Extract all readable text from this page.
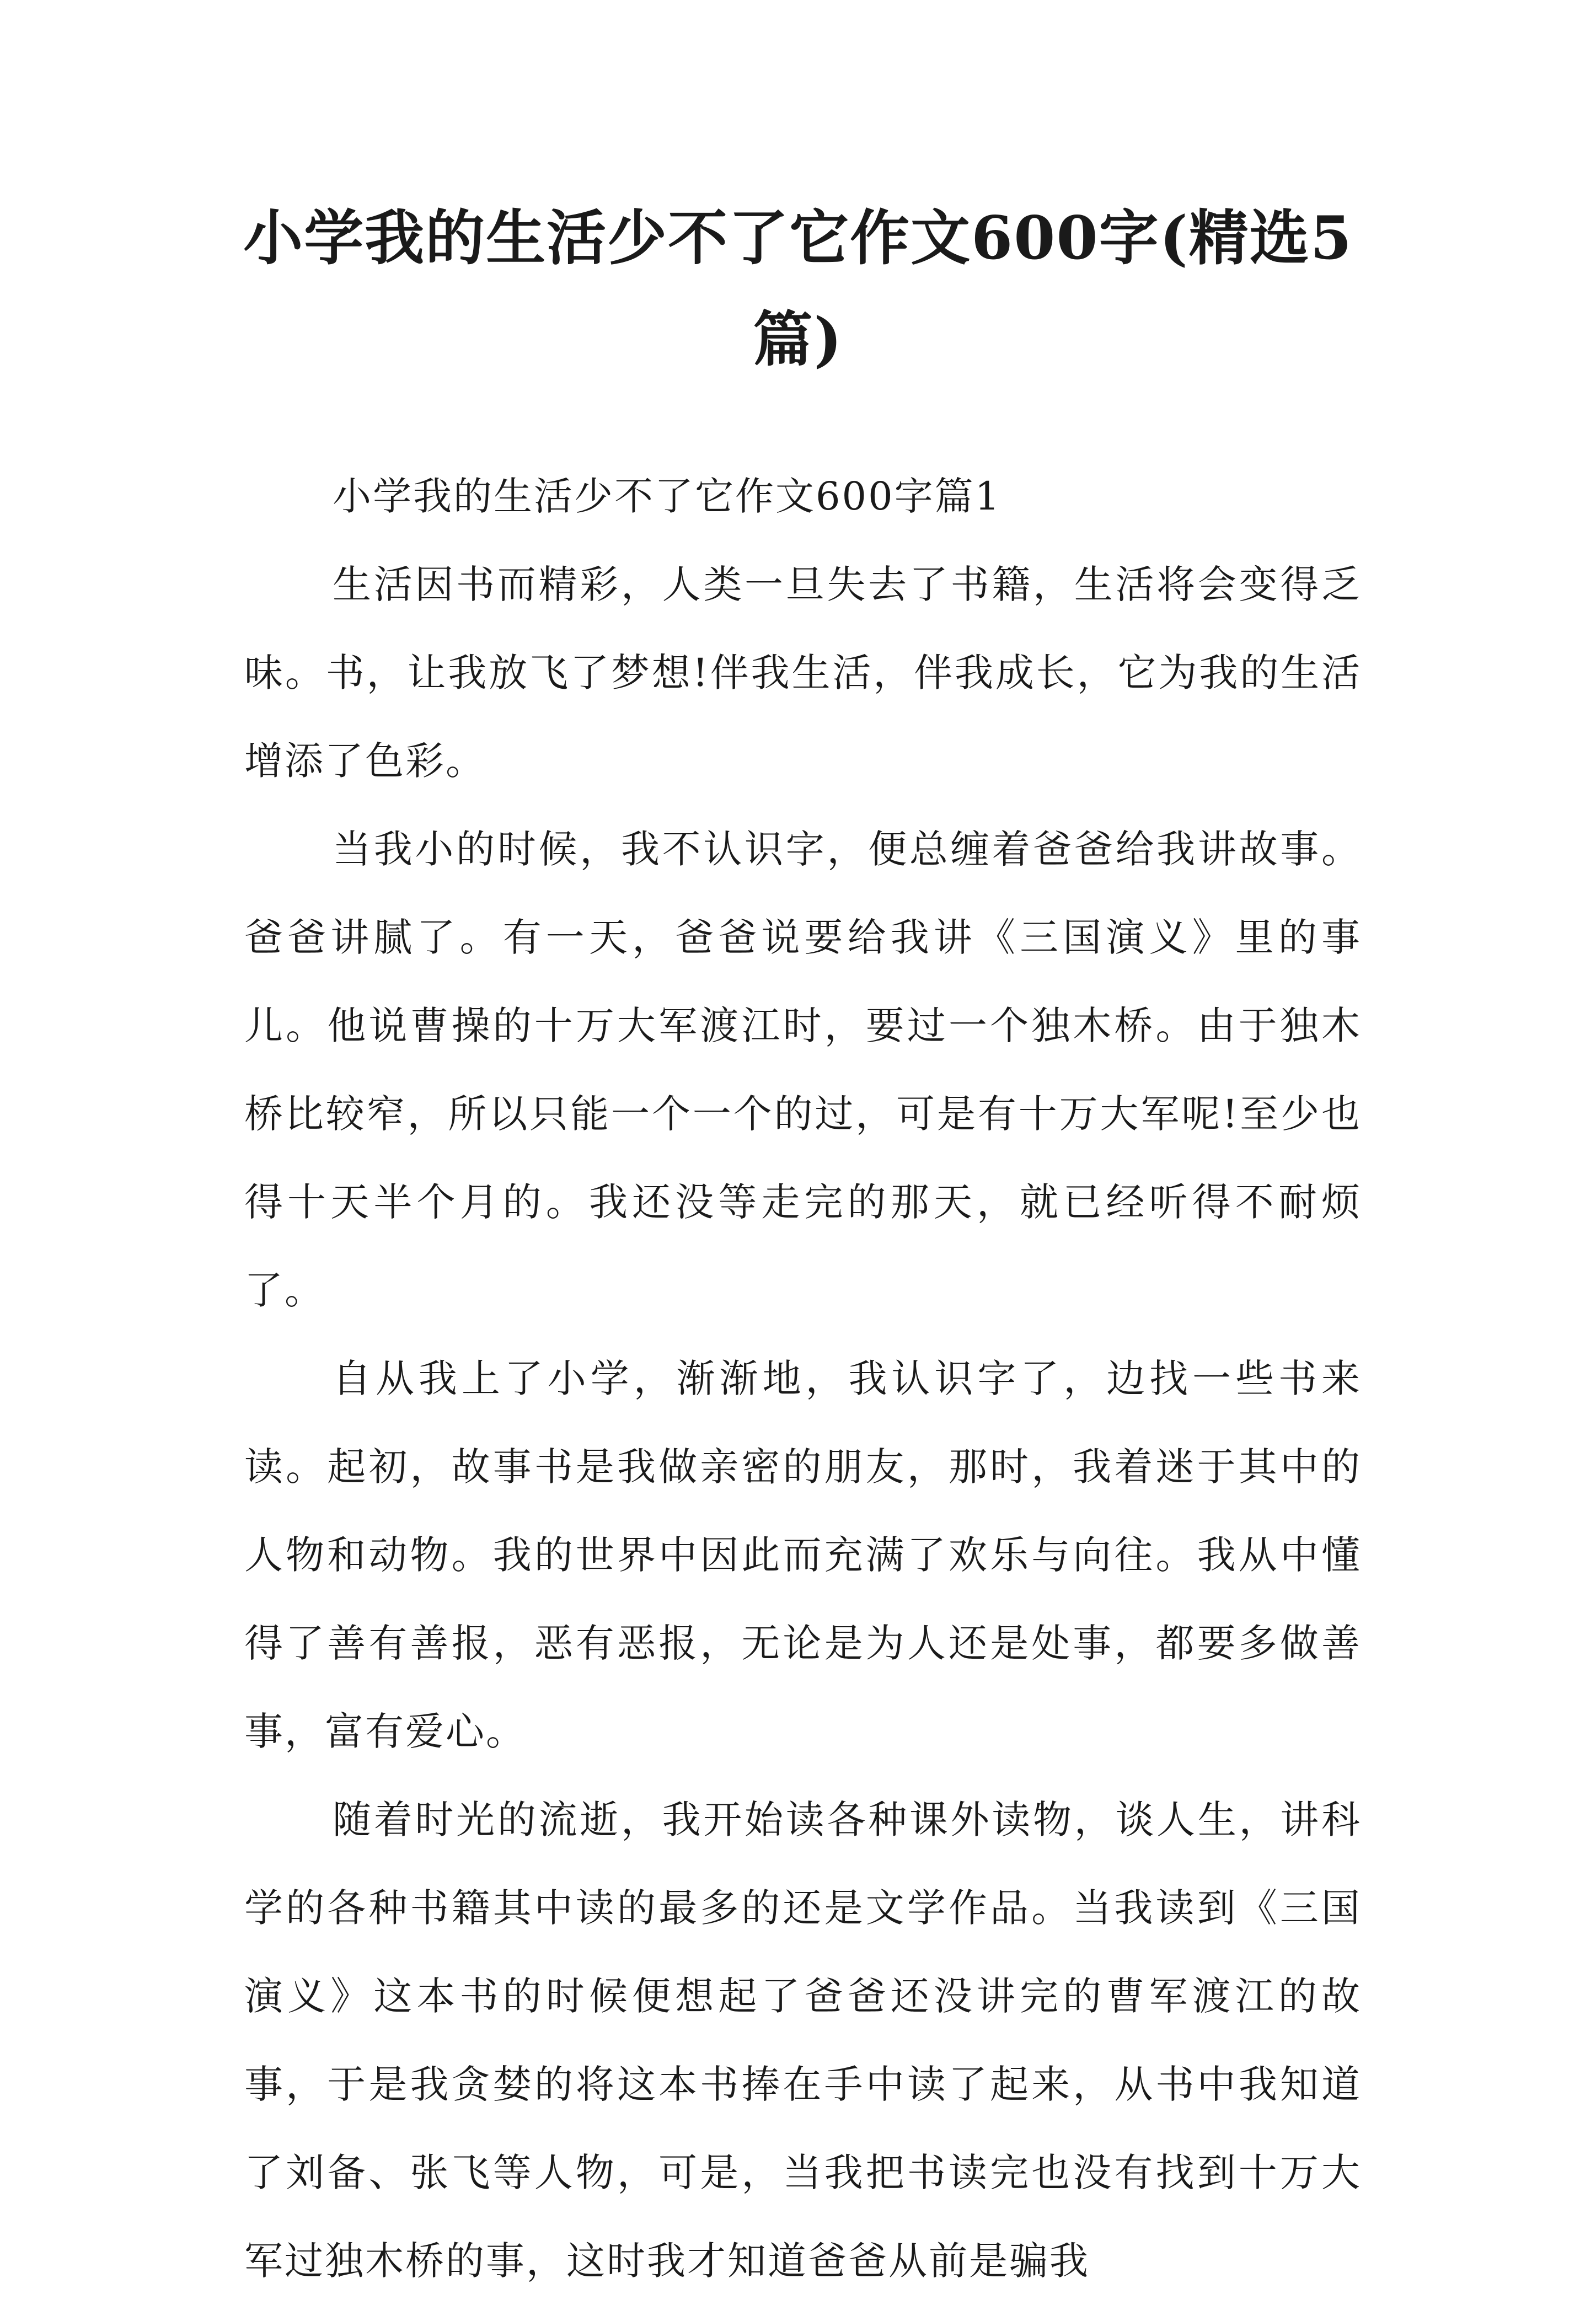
小学我的生活少不了它作文600字(精选5篇)

小学我的生活少不了它作文600字篇1

生活因书而精彩，人类一旦失去了书籍，生活将会变得乏味。书，让我放飞了梦想!伴我生活，伴我成长，它为我的生活增添了色彩。

当我小的时候，我不认识字，便总缠着爸爸给我讲故事。爸爸讲腻了。有一天，爸爸说要给我讲《三国演义》里的事儿。他说曹操的十万大军渡江时，要过一个独木桥。由于独木桥比较窄，所以只能一个一个的过，可是有十万大军呢!至少也得十天半个月的。我还没等走完的那天，就已经听得不耐烦了。

自从我上了小学，渐渐地，我认识字了，边找一些书来读。起初，故事书是我做亲密的朋友，那时，我着迷于其中的人物和动物。我的世界中因此而充满了欢乐与向往。我从中懂得了善有善报，恶有恶报，无论是为人还是处事，都要多做善事，富有爱心。

随着时光的流逝，我开始读各种课外读物，谈人生，讲科学的各种书籍其中读的最多的还是文学作品。当我读到《三国演义》这本书的时候便想起了爸爸还没讲完的曹军渡江的故事，于是我贪婪的将这本书捧在手中读了起来，从书中我知道了刘备、张飞等人物，可是，当我把书读完也没有找到十万大军过独木桥的事，这时我才知道爸爸从前是骗我
